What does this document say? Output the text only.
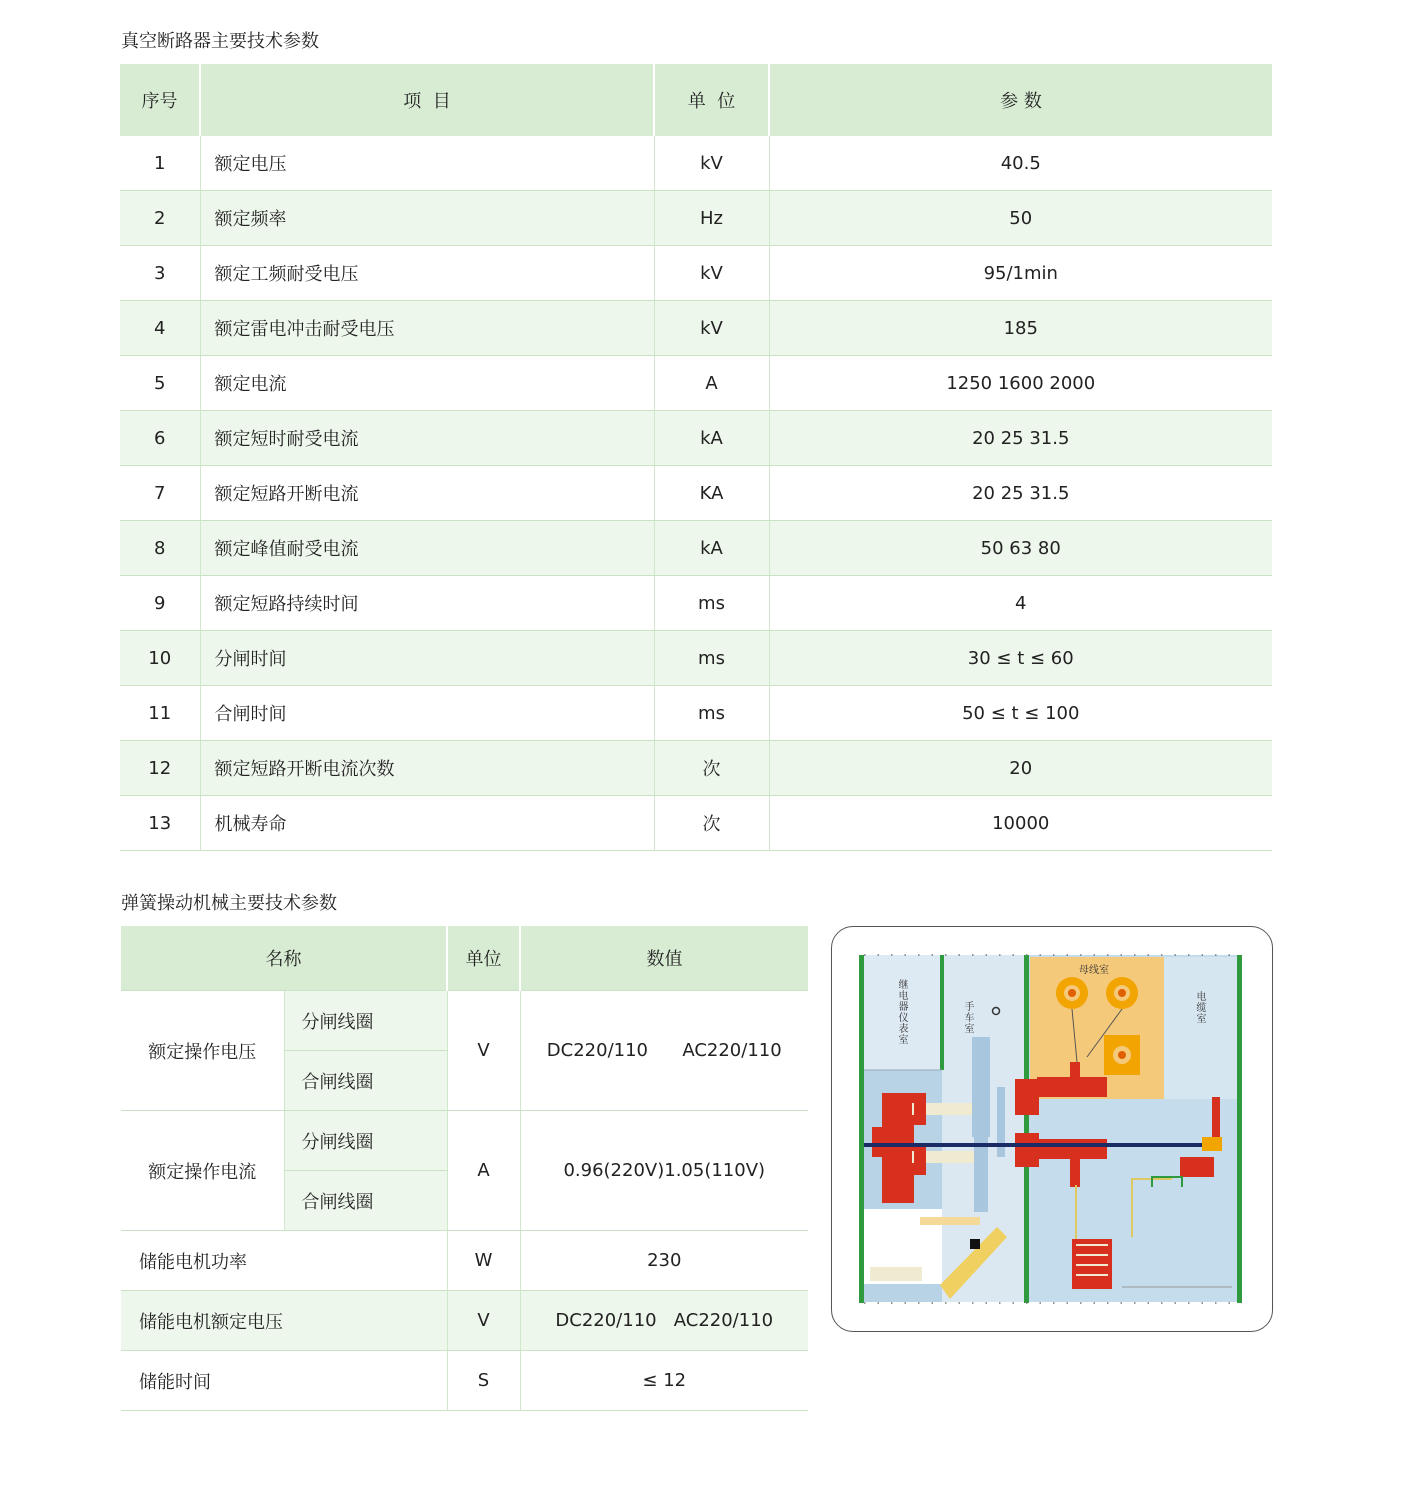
真空断路器主要技术参数
序号	项  目	单  位	参 数
1	额定电压	kV	40.5
2	额定频率	Hz	50
3	额定工频耐受电压	kV	95/1min
4	额定雷电冲击耐受电压	kV	185
5	额定电流	A	1250 1600 2000
6	额定短时耐受电流	kA	20 25 31.5
7	额定短路开断电流	KA	20 25 31.5
8	额定峰值耐受电流	kA	50 63 80
9	额定短路持续时间	ms	4
10	分闸时间	ms	30 ≤ t ≤ 60
11	合闸时间	ms	50 ≤ t ≤ 100
12	额定短路开断电流次数	次	20
13	机械寿命	次	10000
弹簧操动机械主要技术参数
名称		单位	数值
额定操作电压	分闸线圈	V	DC220/110      AC220/110
	合闸线圈		
额定操作电流	分闸线圈	A	0.96(220V)1.05(110V)
	合闸线圈		
储能电机功率		W	230
储能电机额定电压		V	DC220/110   AC220/110
储能时间		S	≤ 12
继电器仪表室	手车室	电缆室
母线室
